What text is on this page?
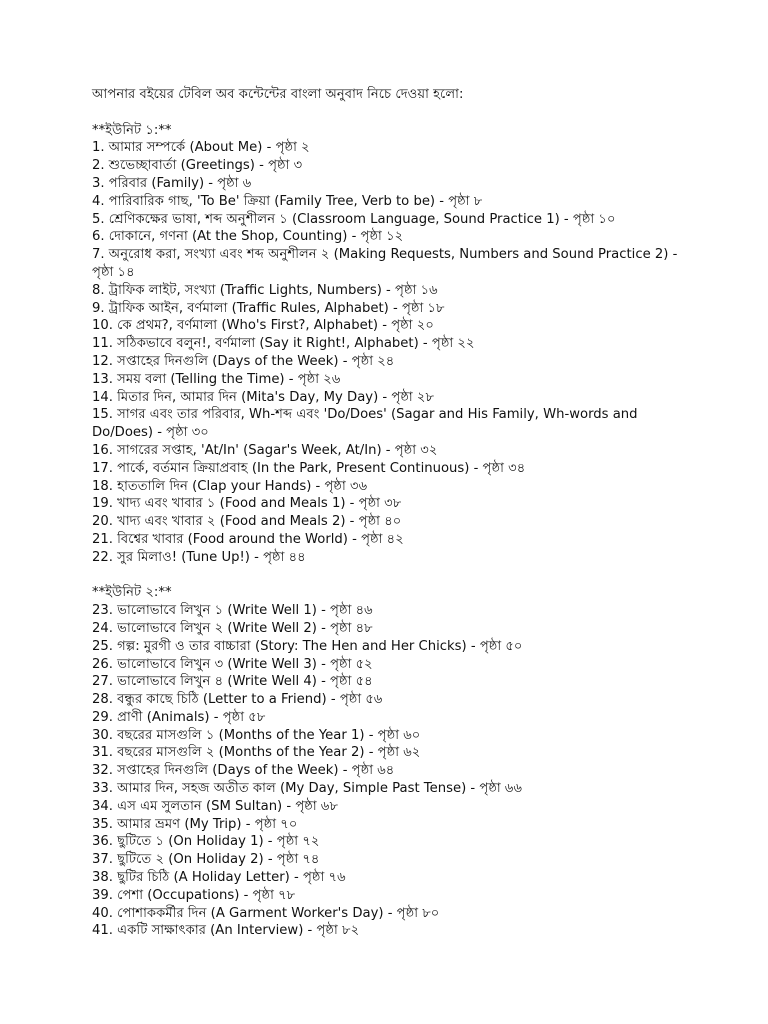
আপনার বইয়ের টেবিল অব কন্টেন্টের বাংলা অনুবাদ নিচে দেওয়া হলো:
**ইউনিট ১:**
1. আমার সম্পর্কে (About Me) - পৃষ্ঠা ২
2. শুভেচ্ছাবার্তা (Greetings) - পৃষ্ঠা ৩
3. পরিবার (Family) - পৃষ্ঠা ৬
4. পারিবারিক গাছ, 'To Be' ক্রিয়া (Family Tree, Verb to be) - পৃষ্ঠা ৮
5. শ্রেণিকক্ষের ভাষা, শব্দ অনুশীলন ১ (Classroom Language, Sound Practice 1) - পৃষ্ঠা ১০
6. দোকানে, গণনা (At the Shop, Counting) - পৃষ্ঠা ১২
7. অনুরোধ করা, সংখ্যা এবং শব্দ অনুশীলন ২ (Making Requests, Numbers and Sound Practice 2) - পৃষ্ঠা ১৪
8. ট্রাফিক লাইট, সংখ্যা (Traffic Lights, Numbers) - পৃষ্ঠা ১৬
9. ট্রাফিক আইন, বর্ণমালা (Traffic Rules, Alphabet) - পৃষ্ঠা ১৮
10. কে প্রথম?, বর্ণমালা (Who's First?, Alphabet) - পৃষ্ঠা ২০
11. সঠিকভাবে বলুন!, বর্ণমালা (Say it Right!, Alphabet) - পৃষ্ঠা ২২
12. সপ্তাহের দিনগুলি (Days of the Week) - পৃষ্ঠা ২৪
13. সময় বলা (Telling the Time) - পৃষ্ঠা ২৬
14. মিতার দিন, আমার দিন (Mita's Day, My Day) - পৃষ্ঠা ২৮
15. সাগর এবং তার পরিবার, Wh-শব্দ এবং 'Do/Does' (Sagar and His Family, Wh-words and Do/Does) - পৃষ্ঠা ৩০
16. সাগরের সপ্তাহ, 'At/In' (Sagar's Week, At/In) - পৃষ্ঠা ৩২
17. পার্কে, বর্তমান ক্রিয়াপ্রবাহ (In the Park, Present Continuous) - পৃষ্ঠা ৩৪
18. হাততালি দিন (Clap your Hands) - পৃষ্ঠা ৩৬
19. খাদ্য এবং খাবার ১ (Food and Meals 1) - পৃষ্ঠা ৩৮
20. খাদ্য এবং খাবার ২ (Food and Meals 2) - পৃষ্ঠা ৪০
21. বিশ্বের খাবার (Food around the World) - পৃষ্ঠা ৪২
22. সুর মিলাও! (Tune Up!) - পৃষ্ঠা ৪৪
**ইউনিট ২:**
23. ভালোভাবে লিখুন ১ (Write Well 1) - পৃষ্ঠা ৪৬
24. ভালোভাবে লিখুন ২ (Write Well 2) - পৃষ্ঠা ৪৮
25. গল্প: মুরগী ও তার বাচ্চারা (Story: The Hen and Her Chicks) - পৃষ্ঠা ৫০
26. ভালোভাবে লিখুন ৩ (Write Well 3) - পৃষ্ঠা ৫২
27. ভালোভাবে লিখুন ৪ (Write Well 4) - পৃষ্ঠা ৫৪
28. বন্ধুর কাছে চিঠি (Letter to a Friend) - পৃষ্ঠা ৫৬
29. প্রাণী (Animals) - পৃষ্ঠা ৫৮
30. বছরের মাসগুলি ১ (Months of the Year 1) - পৃষ্ঠা ৬০
31. বছরের মাসগুলি ২ (Months of the Year 2) - পৃষ্ঠা ৬২
32. সপ্তাহের দিনগুলি (Days of the Week) - পৃষ্ঠা ৬৪
33. আমার দিন, সহজ অতীত কাল (My Day, Simple Past Tense) - পৃষ্ঠা ৬৬
34. এস এম সুলতান (SM Sultan) - পৃষ্ঠা ৬৮
35. আমার ভ্রমণ (My Trip) - পৃষ্ঠা ৭০
36. ছুটিতে ১ (On Holiday 1) - পৃষ্ঠা ৭২
37. ছুটিতে ২ (On Holiday 2) - পৃষ্ঠা ৭৪
38. ছুটির চিঠি (A Holiday Letter) - পৃষ্ঠা ৭৬
39. পেশা (Occupations) - পৃষ্ঠা ৭৮
40. পোশাককর্মীর দিন (A Garment Worker's Day) - পৃষ্ঠা ৮০
41. একটি সাক্ষাৎকার (An Interview) - পৃষ্ঠা ৮২
